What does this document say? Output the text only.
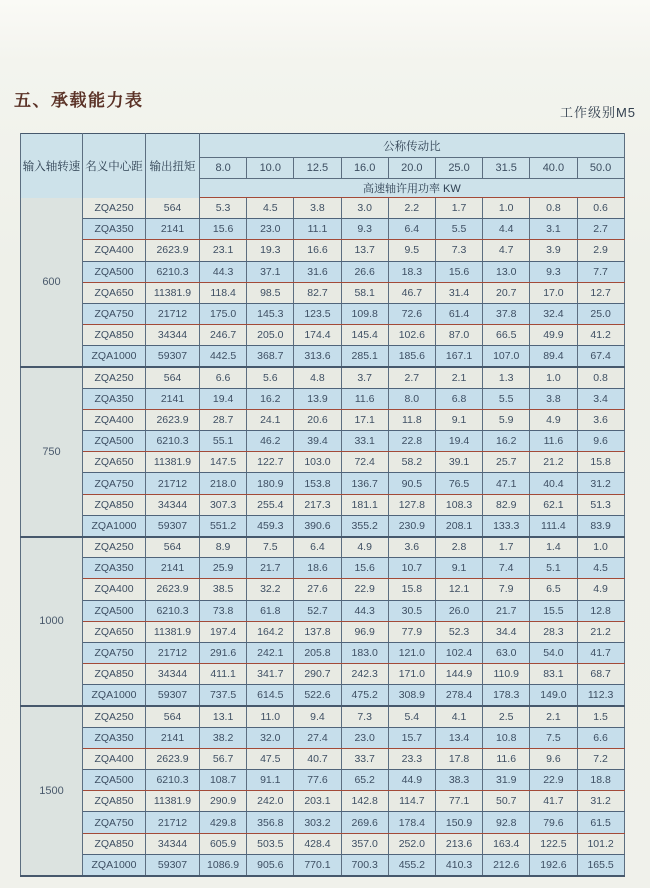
五、承载能力表
工作级别M5
输入轴转速	名义中心距	输出扭矩	公称传动比								
			8.0	10.0	12.5	16.0	20.0	25.0	31.5	40.0	50.0
			高速轴许用功率 KW								
600	ZQA250	564	5.3	4.5	3.8	3.0	2.2	1.7	1.0	0.8	0.6
	ZQA350	2141	15.6	23.0	11.1	9.3	6.4	5.5	4.4	3.1	2.7
	ZQA400	2623.9	23.1	19.3	16.6	13.7	9.5	7.3	4.7	3.9	2.9
	ZQA500	6210.3	44.3	37.1	31.6	26.6	18.3	15.6	13.0	9.3	7.7
	ZQA650	11381.9	118.4	98.5	82.7	58.1	46.7	31.4	20.7	17.0	12.7
	ZQA750	21712	175.0	145.3	123.5	109.8	72.6	61.4	37.8	32.4	25.0
	ZQA850	34344	246.7	205.0	174.4	145.4	102.6	87.0	66.5	49.9	41.2
	ZQA1000	59307	442.5	368.7	313.6	285.1	185.6	167.1	107.0	89.4	67.4
750	ZQA250	564	6.6	5.6	4.8	3.7	2.7	2.1	1.3	1.0	0.8
	ZQA350	2141	19.4	16.2	13.9	11.6	8.0	6.8	5.5	3.8	3.4
	ZQA400	2623.9	28.7	24.1	20.6	17.1	11.8	9.1	5.9	4.9	3.6
	ZQA500	6210.3	55.1	46.2	39.4	33.1	22.8	19.4	16.2	11.6	9.6
	ZQA650	11381.9	147.5	122.7	103.0	72.4	58.2	39.1	25.7	21.2	15.8
	ZQA750	21712	218.0	180.9	153.8	136.7	90.5	76.5	47.1	40.4	31.2
	ZQA850	34344	307.3	255.4	217.3	181.1	127.8	108.3	82.9	62.1	51.3
	ZQA1000	59307	551.2	459.3	390.6	355.2	230.9	208.1	133.3	111.4	83.9
1000	ZQA250	564	8.9	7.5	6.4	4.9	3.6	2.8	1.7	1.4	1.0
	ZQA350	2141	25.9	21.7	18.6	15.6	10.7	9.1	7.4	5.1	4.5
	ZQA400	2623.9	38.5	32.2	27.6	22.9	15.8	12.1	7.9	6.5	4.9
	ZQA500	6210.3	73.8	61.8	52.7	44.3	30.5	26.0	21.7	15.5	12.8
	ZQA650	11381.9	197.4	164.2	137.8	96.9	77.9	52.3	34.4	28.3	21.2
	ZQA750	21712	291.6	242.1	205.8	183.0	121.0	102.4	63.0	54.0	41.7
	ZQA850	34344	411.1	341.7	290.7	242.3	171.0	144.9	110.9	83.1	68.7
	ZQA1000	59307	737.5	614.5	522.6	475.2	308.9	278.4	178.3	149.0	112.3
1500	ZQA250	564	13.1	11.0	9.4	7.3	5.4	4.1	2.5	2.1	1.5
	ZQA350	2141	38.2	32.0	27.4	23.0	15.7	13.4	10.8	7.5	6.6
	ZQA400	2623.9	56.7	47.5	40.7	33.7	23.3	17.8	11.6	9.6	7.2
	ZQA500	6210.3	108.7	91.1	77.6	65.2	44.9	38.3	31.9	22.9	18.8
	ZQA850	11381.9	290.9	242.0	203.1	142.8	114.7	77.1	50.7	41.7	31.2
	ZQA750	21712	429.8	356.8	303.2	269.6	178.4	150.9	92.8	79.6	61.5
	ZQA850	34344	605.9	503.5	428.4	357.0	252.0	213.6	163.4	122.5	101.2
	ZQA1000	59307	1086.9	905.6	770.1	700.3	455.2	410.3	212.6	192.6	165.5
